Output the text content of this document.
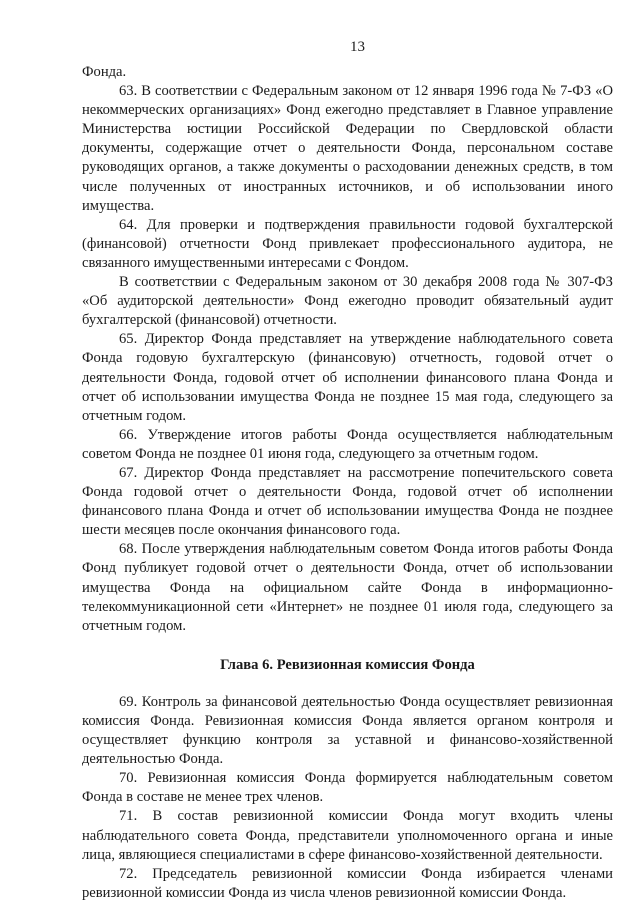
13

Фонда.

63. В соответствии с Федеральным законом от 12 января 1996 года № 7-ФЗ «О некоммерческих организациях» Фонд ежегодно представляет в Главное управление Министерства юстиции Российской Федерации по Свердловской области документы, содержащие отчет о деятельности Фонда, персональном составе руководящих органов, а также документы о расходовании денежных средств, в том числе полученных от иностранных источников, и об использовании иного имущества.

64. Для проверки и подтверждения правильности годовой бухгалтерской (финансовой) отчетности Фонд привлекает профессионального аудитора, не связанного имущественными интересами с Фондом.

В соответствии с Федеральным законом от 30 декабря 2008 года № 307-ФЗ «Об аудиторской деятельности» Фонд ежегодно проводит обязательный аудит бухгалтерской (финансовой) отчетности.

65. Директор Фонда представляет на утверждение наблюдательного совета Фонда годовую бухгалтерскую (финансовую) отчетность, годовой отчет о деятельности Фонда, годовой отчет об исполнении финансового плана Фонда и отчет об использовании имущества Фонда не позднее 15 мая года, следующего за отчетным годом.

66. Утверждение итогов работы Фонда осуществляется наблюдательным советом Фонда не позднее 01 июня года, следующего за отчетным годом.

67. Директор Фонда представляет на рассмотрение попечительского совета Фонда годовой отчет о деятельности Фонда, годовой отчет об исполнении финансового плана Фонда и отчет об использовании имущества Фонда не позднее шести месяцев после окончания финансового года.

68. После утверждения наблюдательным советом Фонда итогов работы Фонда Фонд публикует годовой отчет о деятельности Фонда, отчет об использовании имущества Фонда на официальном сайте Фонда в информационно-телекоммуникационной сети «Интернет» не позднее 01 июля года, следующего за отчетным годом.

Глава 6. Ревизионная комиссия Фонда

69. Контроль за финансовой деятельностью Фонда осуществляет ревизионная комиссия Фонда. Ревизионная комиссия Фонда является органом контроля и осуществляет функцию контроля за уставной и финансово-хозяйственной деятельностью Фонда.

70. Ревизионная комиссия Фонда формируется наблюдательным советом Фонда в составе не менее трех членов.

71. В состав ревизионной комиссии Фонда могут входить члены наблюдательного совета Фонда, представители уполномоченного органа и иные лица, являющиеся специалистами в сфере финансово-хозяйственной деятельности.

72. Председатель ревизионной комиссии Фонда избирается членами ревизионной комиссии Фонда из числа членов ревизионной комиссии Фонда.
